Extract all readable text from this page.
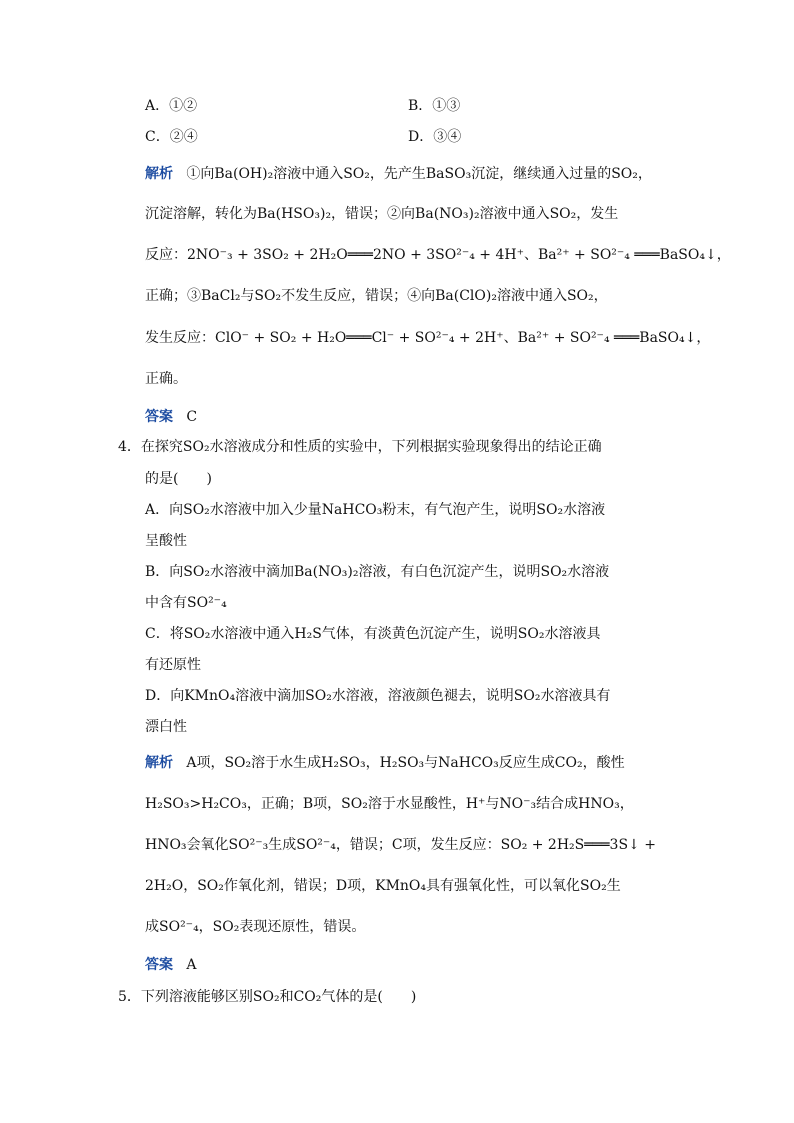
A．①②	B．①③
C．②④	D．③④
解析 ①向Ba(OH)₂溶液中通入SO₂，先产生BaSO₃沉淀，继续通入过量的SO₂，
沉淀溶解，转化为Ba(HSO₃)₂，错误；②向Ba(NO₃)₂溶液中通入SO₂，发生
反应：2NO⁻₃ + 3SO₂ + 2H₂O═══2NO + 3SO²⁻₄ + 4H⁺、Ba²⁺ + SO²⁻₄ ═══BaSO₄↓，
正确；③BaCl₂与SO₂不发生反应，错误；④向Ba(ClO)₂溶液中通入SO₂，
发生反应：ClO⁻ + SO₂ + H₂O═══Cl⁻ + SO²⁻₄ + 2H⁺、Ba²⁺ + SO²⁻₄ ═══BaSO₄↓，
正确。
答案 C
4．在探究SO₂水溶液成分和性质的实验中，下列根据实验现象得出的结论正确
的是(　　)
A．向SO₂水溶液中加入少量NaHCO₃粉末，有气泡产生，说明SO₂水溶液
呈酸性
B．向SO₂水溶液中滴加Ba(NO₃)₂溶液，有白色沉淀产生，说明SO₂水溶液
中含有SO²⁻₄
C．将SO₂水溶液中通入H₂S气体，有淡黄色沉淀产生，说明SO₂水溶液具
有还原性
D．向KMnO₄溶液中滴加SO₂水溶液，溶液颜色褪去，说明SO₂水溶液具有
漂白性
解析 A项，SO₂溶于水生成H₂SO₃，H₂SO₃与NaHCO₃反应生成CO₂，酸性
H₂SO₃>H₂CO₃，正确；B项，SO₂溶于水显酸性，H⁺与NO⁻₃结合成HNO₃，
HNO₃会氧化SO²⁻₃生成SO²⁻₄，错误；C项，发生反应：SO₂ + 2H₂S═══3S↓ +
2H₂O，SO₂作氧化剂，错误；D项，KMnO₄具有强氧化性，可以氧化SO₂生
成SO²⁻₄，SO₂表现还原性，错误。
答案 A
5．下列溶液能够区别SO₂和CO₂气体的是(　　)
